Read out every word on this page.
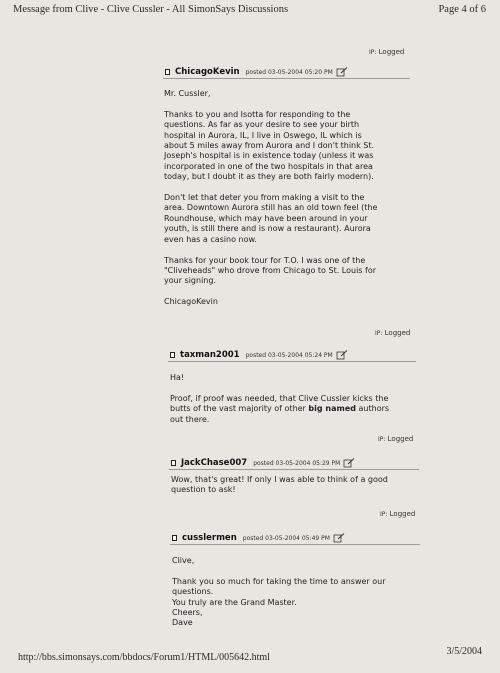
Message from Clive - Clive Cussler - All SimonSays Discussions	Page 4 of 6
IP: Logged
ChicagoKevin posted 03-05-2004 05:20 PM

Mr. Cussler,

Thanks to you and Isotta for responding to the

questions. As far as your desire to see your birth

hospital in Aurora, IL, I live in Oswego, IL which is

about 5 miles away from Aurora and I don't think St.

Joseph's hospital is in existence today (unless it was

incorporated in one of the two hospitals in that area

today, but I doubt it as they are both fairly modern).

Don't let that deter you from making a visit to the

area. Downtown Aurora still has an old town feel (the

Roundhouse, which may have been around in your

youth, is still there and is now a restaurant). Aurora

even has a casino now.

Thanks for your book tour for T.O. I was one of the

"Cliveheads" who drove from Chicago to St. Louis for

your signing.

ChicagoKevin

IP: Logged
taxman2001 posted 03-05-2004 05:24 PM

Ha!

Proof, if proof was needed, that Clive Cussler kicks the

butts of the vast majority of other big named authors

out there.

IP: Logged
JackChase007 posted 03-05-2004 05:29 PM

Wow, that's great! If only I was able to think of a good

question to ask!

IP: Logged
cusslermen posted 03-05-2004 05:49 PM

Clive,

Thank you so much for taking the time to answer our

questions.

You truly are the Grand Master.

Cheers,

Dave

http://bbs.simonsays.com/bbdocs/Forum1/HTML/005642.html
3/5/2004
